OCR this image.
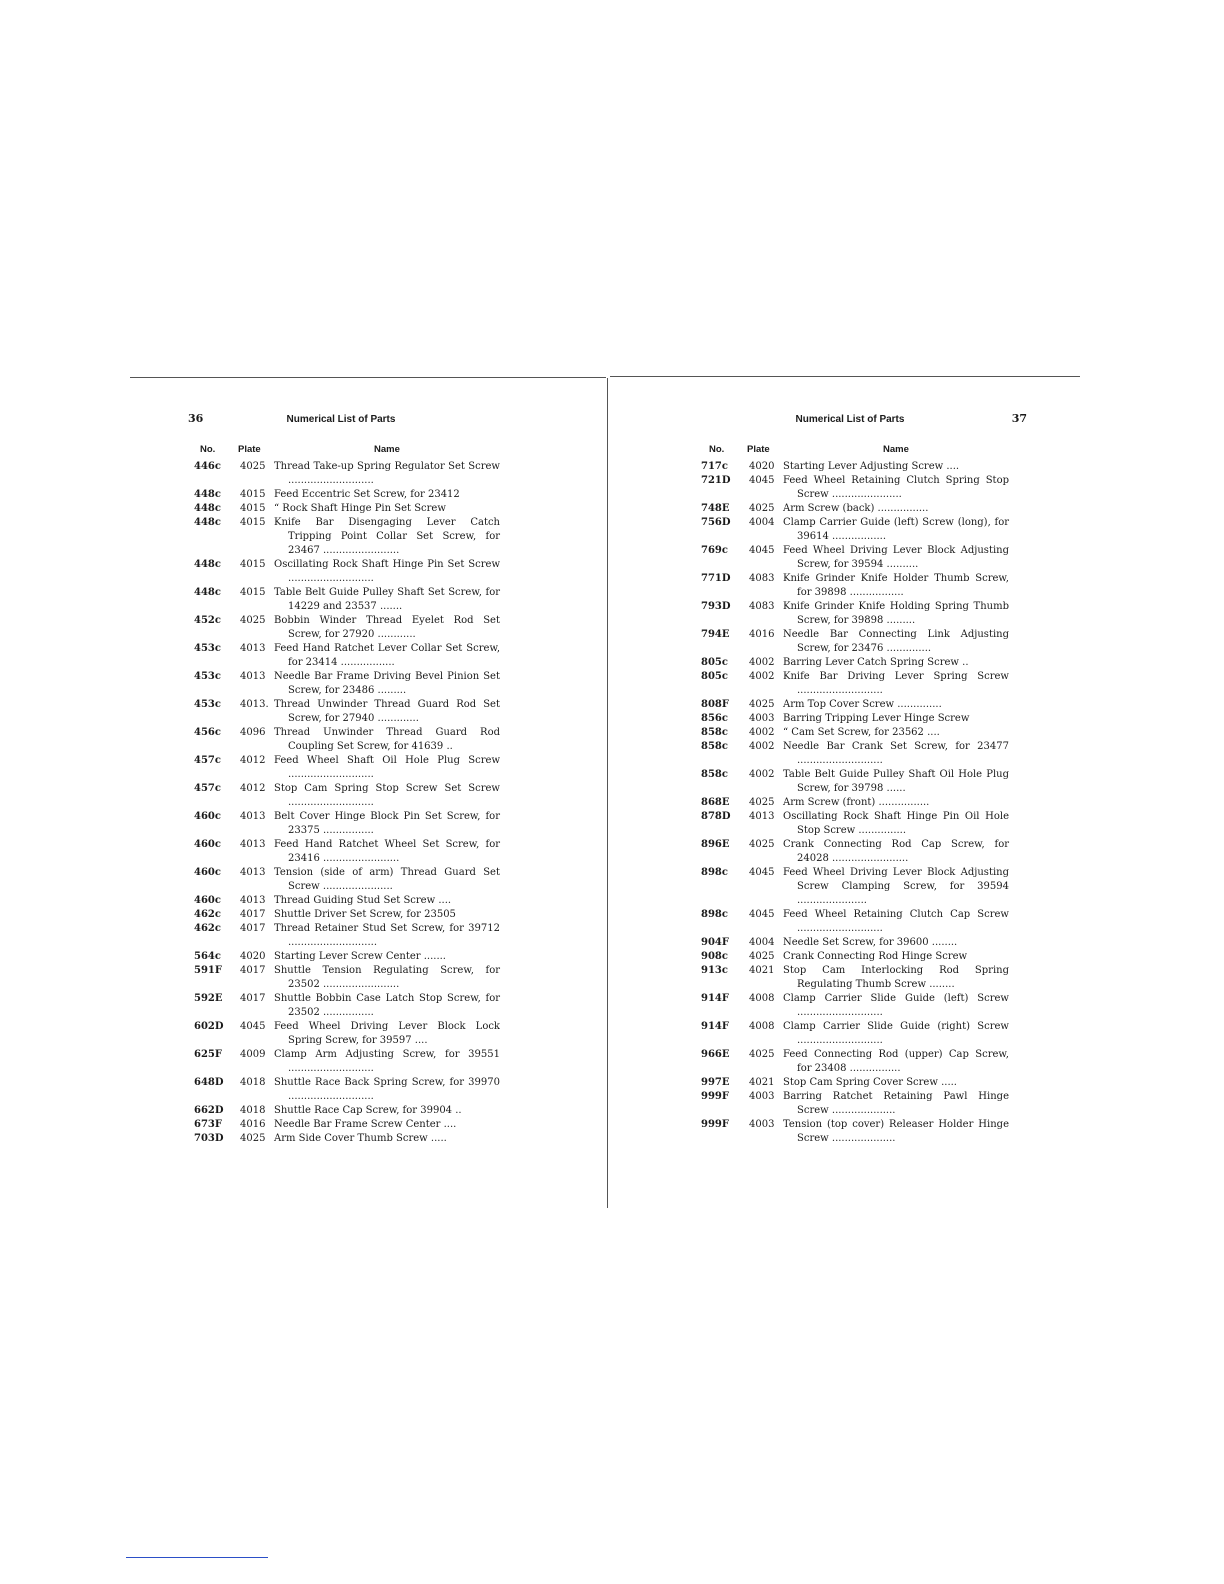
36	Numerical List of Parts
No. Plate	Name
446c	4025 Thread Take-up Spring Regulator Set Screw ...........................
448c	4015 Feed Eccentric Set Screw, for 23412
448c	4015 “ Rock Shaft Hinge Pin Set Screw
448c	4015 Knife Bar Disengaging Lever Catch Tripping Point Collar Set Screw, for 23467 ........................
448c	4015 Oscillating Rock Shaft Hinge Pin Set Screw ...........................
448c	4015 Table Belt Guide Pulley Shaft Set Screw, for 14229 and 23537 .......
452c	4025 Bobbin Winder Thread Eyelet Rod Set Screw, for 27920 ............
453c	4013 Feed Hand Ratchet Lever Collar Set Screw, for 23414 .................
453c	4013 Needle Bar Frame Driving Bevel Pinion Set Screw, for 23486 .........
453c	4013. Thread Unwinder Thread Guard Rod Set Screw, for 27940 .............
456c	4096 Thread Unwinder Thread Guard Rod Coupling Set Screw, for 41639 ..
457c	4012 Feed Wheel Shaft Oil Hole Plug Screw ...........................
457c	4012 Stop Cam Spring Stop Screw Set Screw ...........................
460c	4013 Belt Cover Hinge Block Pin Set Screw, for 23375 ................
460c	4013 Feed Hand Ratchet Wheel Set Screw, for 23416 ........................
460c	4013 Tension (side of arm) Thread Guard Set Screw ......................
460c	4013 Thread Guiding Stud Set Screw ....
462c	4017 Shuttle Driver Set Screw, for 23505
462c	4017 Thread Retainer Stud Set Screw, for 39712 ............................
564c	4020 Starting Lever Screw Center .......
591F	4017 Shuttle Tension Regulating Screw, for 23502 ........................
592E	4017 Shuttle Bobbin Case Latch Stop Screw, for 23502 ................
602D	4045 Feed Wheel Driving Lever Block Lock Spring Screw, for 39597 ....
625F	4009 Clamp Arm Adjusting Screw, for 39551 ...........................
648D	4018 Shuttle Race Back Spring Screw, for 39970 ...........................
662D	4018 Shuttle Race Cap Screw, for 39904 ..
673F	4016 Needle Bar Frame Screw Center ....
703D	4025 Arm Side Cover Thumb Screw .....
37
Numerical List of Parts
No. Plate	Name
717c	4020 Starting Lever Adjusting Screw ....
721D	4045 Feed Wheel Retaining Clutch Spring Stop Screw ......................
748E	4025 Arm Screw (back) ................
756D	4004 Clamp Carrier Guide (left) Screw (long), for 39614 .................
769c	4045 Feed Wheel Driving Lever Block Adjusting Screw, for 39594 ..........
771D	4083 Knife Grinder Knife Holder Thumb Screw, for 39898 .................
793D	4083 Knife Grinder Knife Holding Spring Thumb Screw, for 39898 .........
794E	4016 Needle Bar Connecting Link Adjusting Screw, for 23476 ..............
805c	4002 Barring Lever Catch Spring Screw ..
805c	4002 Knife Bar Driving Lever Spring Screw ...........................
808F	4025 Arm Top Cover Screw ..............
856c	4003 Barring Tripping Lever Hinge Screw
858c	4002 “ Cam Set Screw, for 23562 ....
858c	4002 Needle Bar Crank Set Screw, for 23477 ...........................
858c	4002 Table Belt Guide Pulley Shaft Oil Hole Plug Screw, for 39798 ......
868E	4025 Arm Screw (front) ................
878D	4013 Oscillating Rock Shaft Hinge Pin Oil Hole Stop Screw ...............
896E	4025 Crank Connecting Rod Cap Screw, for 24028 ........................
898c	4045 Feed Wheel Driving Lever Block Adjusting Screw Clamping Screw, for 39594 ......................
898c	4045 Feed Wheel Retaining Clutch Cap Screw ...........................
904F	4004 Needle Set Screw, for 39600 ........
908c	4025 Crank Connecting Rod Hinge Screw
913c	4021 Stop Cam Interlocking Rod Spring Regulating Thumb Screw ........
914F	4008 Clamp Carrier Slide Guide (left) Screw ...........................
914F	4008 Clamp Carrier Slide Guide (right) Screw ...........................
966E	4025 Feed Connecting Rod (upper) Cap Screw, for 23408 ................
997E	4021 Stop Cam Spring Cover Screw .....
999F	4003 Barring Ratchet Retaining Pawl Hinge Screw ....................
999F	4003 Tension (top cover) Releaser Holder Hinge Screw ....................
